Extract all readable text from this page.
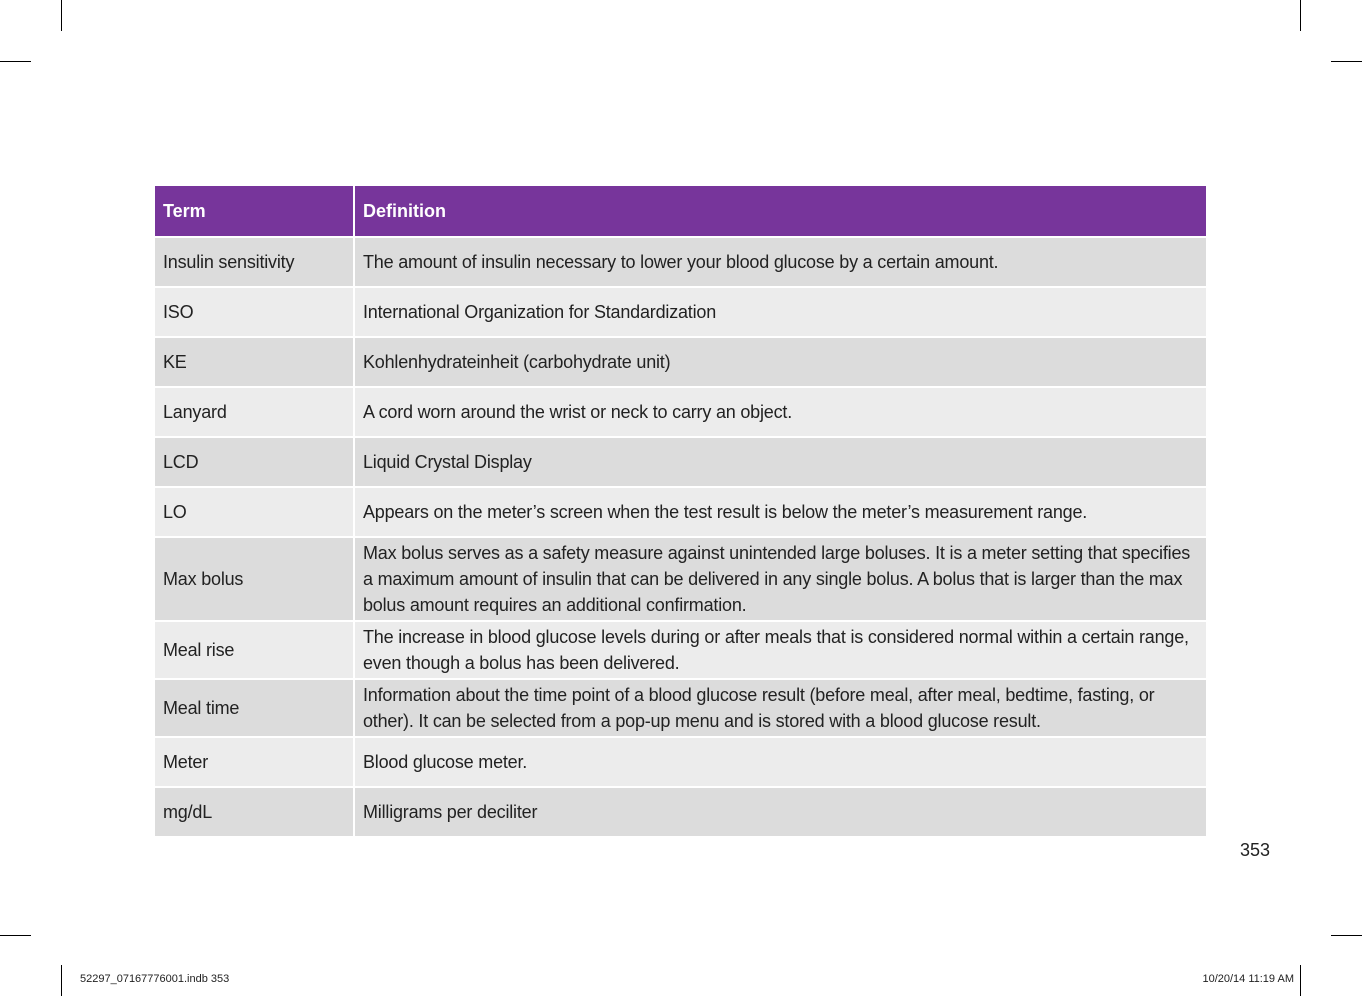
Term	Definition
Insulin sensitivity	The amount of insulin necessary to lower your blood glucose by a certain amount.
ISO	International Organization for Standardization
KE	Kohlenhydrateinheit (carbohydrate unit)
Lanyard	A cord worn around the wrist or neck to carry an object.
LCD	Liquid Crystal Display
LO	Appears on the meter’s screen when the test result is below the meter’s measurement range.
Max bolus	Max bolus serves as a safety measure against unintended large boluses. It is a meter setting that specifies a maximum amount of insulin that can be delivered in any single bolus. A bolus that is larger than the max bolus amount requires an additional confirmation.
Meal rise	The increase in blood glucose levels during or after meals that is considered normal within a certain range, even though a bolus has been delivered.
Meal time	Information about the time point of a blood glucose result (before meal, after meal, bedtime, fasting, or other). It can be selected from a pop-up menu and is stored with a blood glucose result.
Meter	Blood glucose meter.
mg/dL	Milligrams per deciliter
353
52297_07167776001.indb 353	10/20/14 11:19 AM
